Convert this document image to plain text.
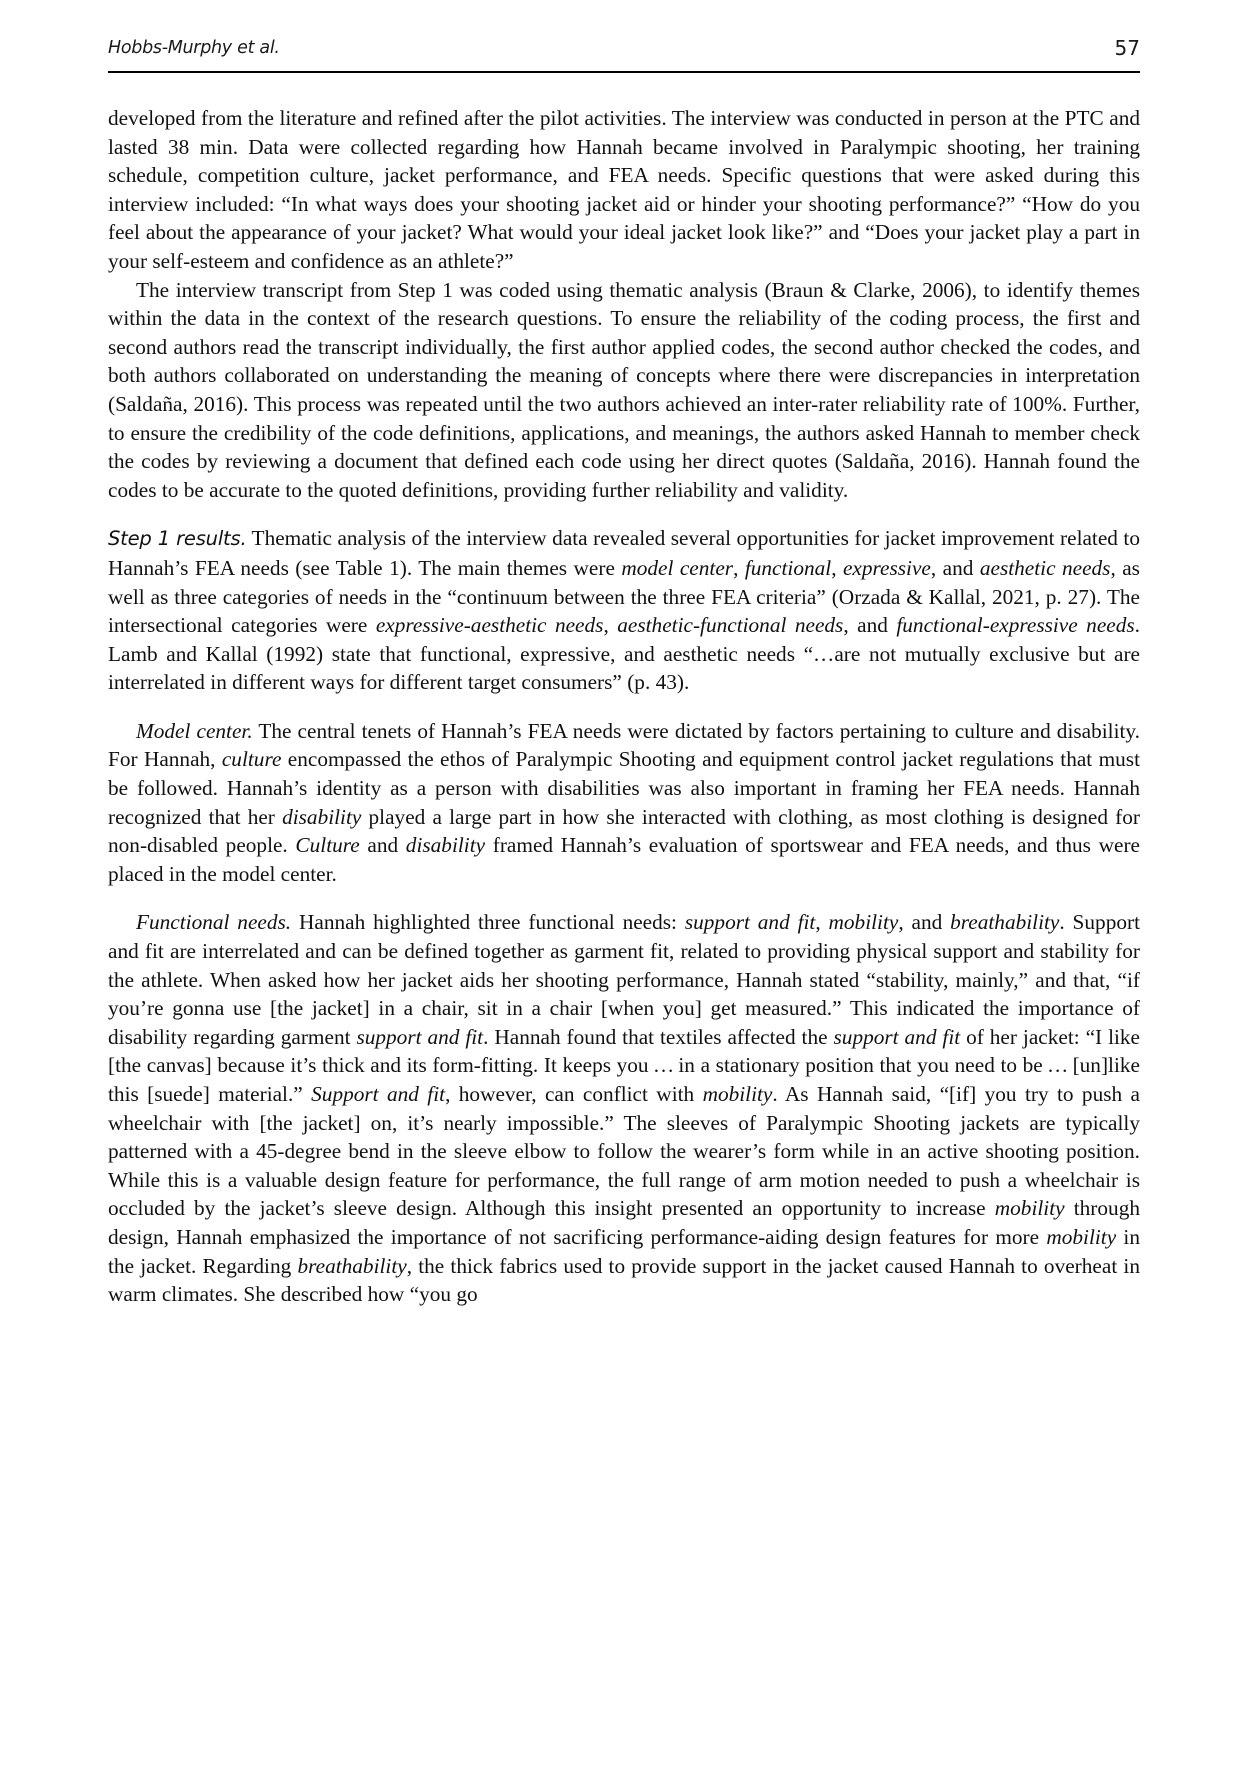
Hobbs-Murphy et al.	57

developed from the literature and refined after the pilot activities. The interview was conducted in person at the PTC and lasted 38 min. Data were collected regarding how Hannah became involved in Paralympic shooting, her training schedule, competition culture, jacket performance, and FEA needs. Specific questions that were asked during this interview included: “In what ways does your shooting jacket aid or hinder your shooting performance?” “How do you feel about the appearance of your jacket? What would your ideal jacket look like?” and “Does your jacket play a part in your self-esteem and confidence as an athlete?”

The interview transcript from Step 1 was coded using thematic analysis (Braun & Clarke, 2006), to identify themes within the data in the context of the research questions. To ensure the reliability of the coding process, the first and second authors read the transcript individually, the first author applied codes, the second author checked the codes, and both authors collaborated on understanding the meaning of concepts where there were discrepancies in interpretation (Saldaña, 2016). This process was repeated until the two authors achieved an inter-rater reliability rate of 100%. Further, to ensure the credibility of the code definitions, applications, and meanings, the authors asked Hannah to member check the codes by reviewing a document that defined each code using her direct quotes (Saldaña, 2016). Hannah found the codes to be accurate to the quoted definitions, providing further reliability and validity.

Step 1 results. Thematic analysis of the interview data revealed several opportunities for jacket improvement related to Hannah’s FEA needs (see Table 1). The main themes were model center, functional, expressive, and aesthetic needs, as well as three categories of needs in the “continuum between the three FEA criteria” (Orzada & Kallal, 2021, p. 27). The intersectional categories were expressive-aesthetic needs, aesthetic-functional needs, and functional-expressive needs. Lamb and Kallal (1992) state that functional, expressive, and aesthetic needs “…are not mutually exclusive but are interrelated in different ways for different target consumers” (p. 43).

Model center. The central tenets of Hannah’s FEA needs were dictated by factors pertaining to culture and disability. For Hannah, culture encompassed the ethos of Paralympic Shooting and equipment control jacket regulations that must be followed. Hannah’s identity as a person with disabilities was also important in framing her FEA needs. Hannah recognized that her disability played a large part in how she interacted with clothing, as most clothing is designed for non-disabled people. Culture and disability framed Hannah’s evaluation of sportswear and FEA needs, and thus were placed in the model center.

Functional needs. Hannah highlighted three functional needs: support and fit, mobility, and breathability. Support and fit are interrelated and can be defined together as garment fit, related to providing physical support and stability for the athlete. When asked how her jacket aids her shooting performance, Hannah stated “stability, mainly,” and that, “if you’re gonna use [the jacket] in a chair, sit in a chair [when you] get measured.” This indicated the importance of disability regarding garment support and fit. Hannah found that textiles affected the support and fit of her jacket: “I like [the canvas] because it’s thick and its form-fitting. It keeps you … in a stationary position that you need to be … [un]like this [suede] material.” Support and fit, however, can conflict with mobility. As Hannah said, “[if] you try to push a wheelchair with [the jacket] on, it’s nearly impossible.” The sleeves of Paralympic Shooting jackets are typically patterned with a 45-degree bend in the sleeve elbow to follow the wearer’s form while in an active shooting position. While this is a valuable design feature for performance, the full range of arm motion needed to push a wheelchair is occluded by the jacket’s sleeve design. Although this insight presented an opportunity to increase mobility through design, Hannah emphasized the importance of not sacrificing performance-aiding design features for more mobility in the jacket. Regarding breathability, the thick fabrics used to provide support in the jacket caused Hannah to overheat in warm climates. She described how “you go
